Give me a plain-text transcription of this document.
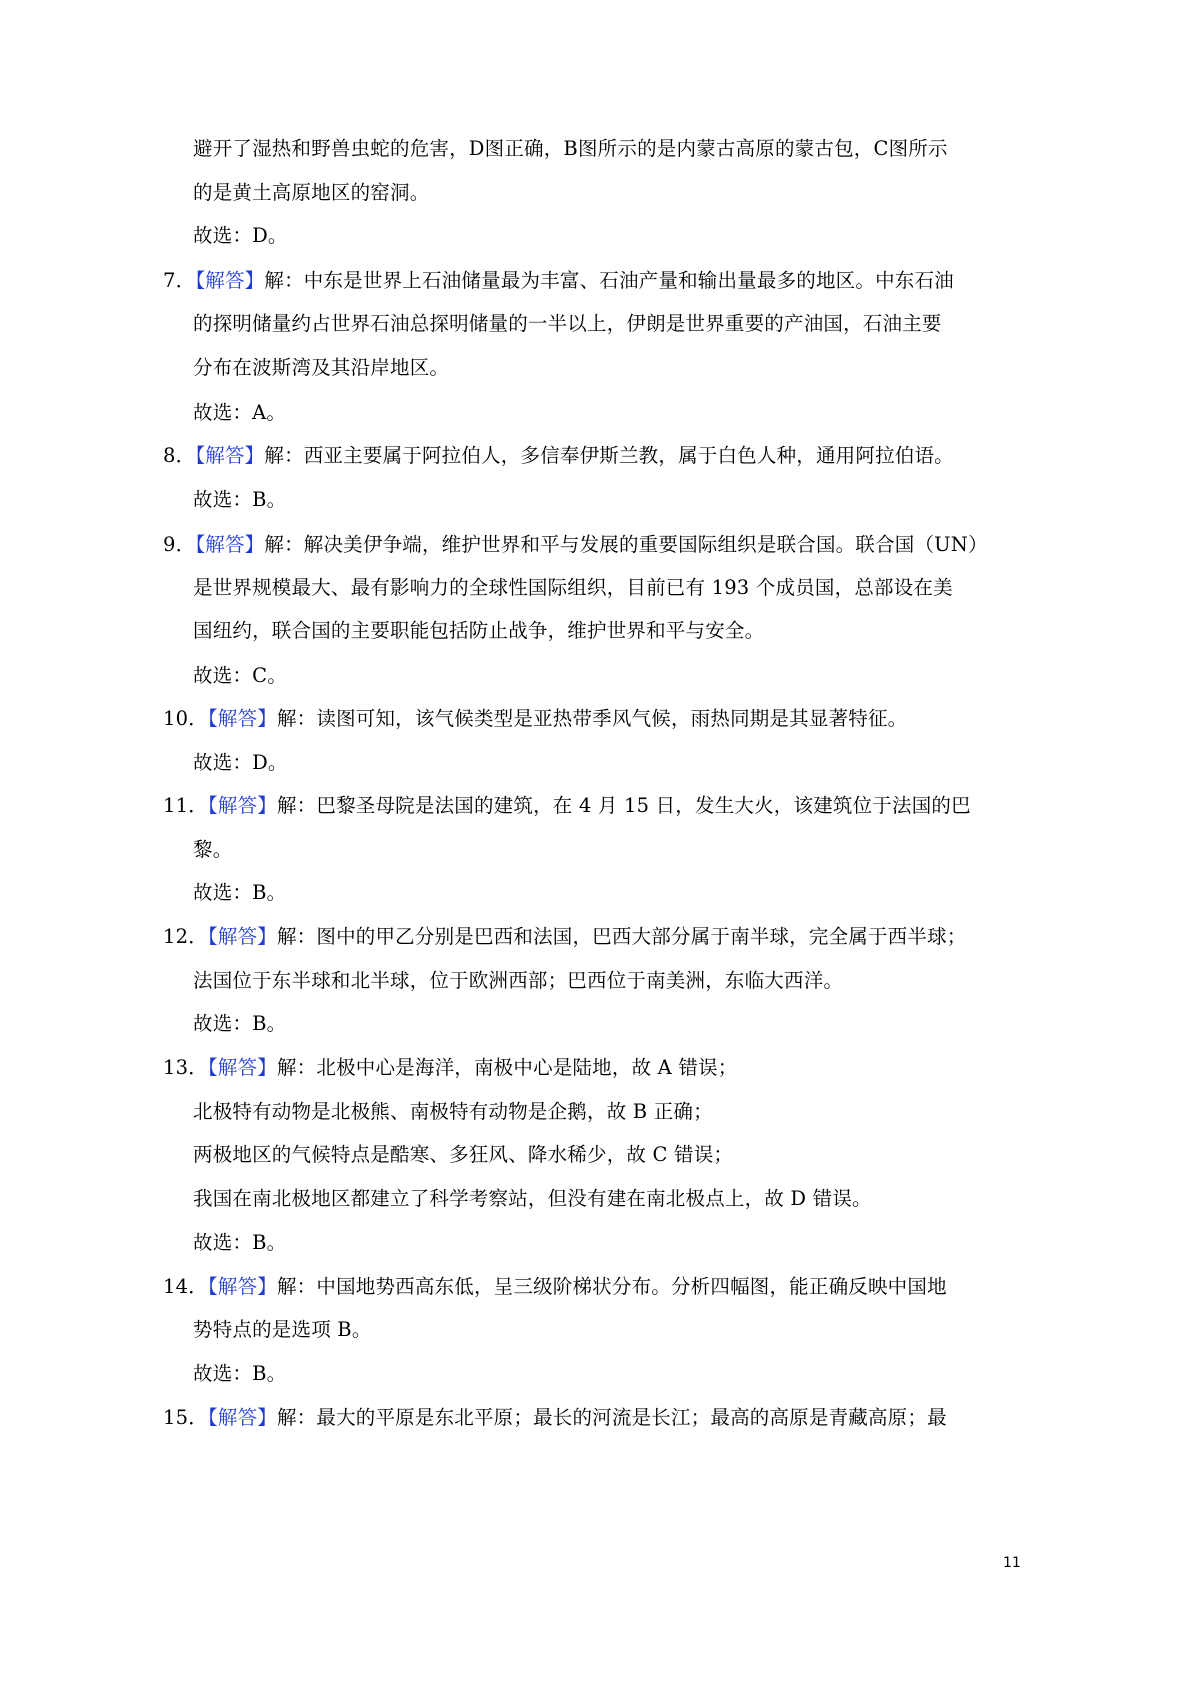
避开了湿热和野兽虫蛇的危害，D图正确，B图所示的是内蒙古高原的蒙古包，C图所示
的是黄土高原地区的窑洞。
故选：D。
7．【解答】解：中东是世界上石油储量最为丰富、石油产量和输出量最多的地区。中东石油
的探明储量约占世界石油总探明储量的一半以上，伊朗是世界重要的产油国，石油主要
分布在波斯湾及其沿岸地区。
故选：A。
8．【解答】解：西亚主要属于阿拉伯人，多信奉伊斯兰教，属于白色人种，通用阿拉伯语。
故选：B。
9．【解答】解：解决美伊争端，维护世界和平与发展的重要国际组织是联合国。联合国（UN）
是世界规模最大、最有影响力的全球性国际组织，目前已有 193 个成员国，总部设在美
国纽约，联合国的主要职能包括防止战争，维护世界和平与安全。
故选：C。
10．【解答】解：读图可知，该气候类型是亚热带季风气候，雨热同期是其显著特征。
故选：D。
11．【解答】解：巴黎圣母院是法国的建筑，在 4 月 15 日，发生大火，该建筑位于法国的巴
黎。
故选：B。
12．【解答】解：图中的甲乙分别是巴西和法国，巴西大部分属于南半球，完全属于西半球；
法国位于东半球和北半球，位于欧洲西部；巴西位于南美洲，东临大西洋。
故选：B。
13．【解答】解：北极中心是海洋，南极中心是陆地，故 A 错误；
北极特有动物是北极熊、南极特有动物是企鹅，故 B 正确；
两极地区的气候特点是酷寒、多狂风、降水稀少，故 C 错误；
我国在南北极地区都建立了科学考察站，但没有建在南北极点上，故 D 错误。
故选：B。
14．【解答】解：中国地势西高东低，呈三级阶梯状分布。分析四幅图，能正确反映中国地
势特点的是选项 B。
故选：B。
15．【解答】解：最大的平原是东北平原；最长的河流是长江；最高的高原是青藏高原；最
11
